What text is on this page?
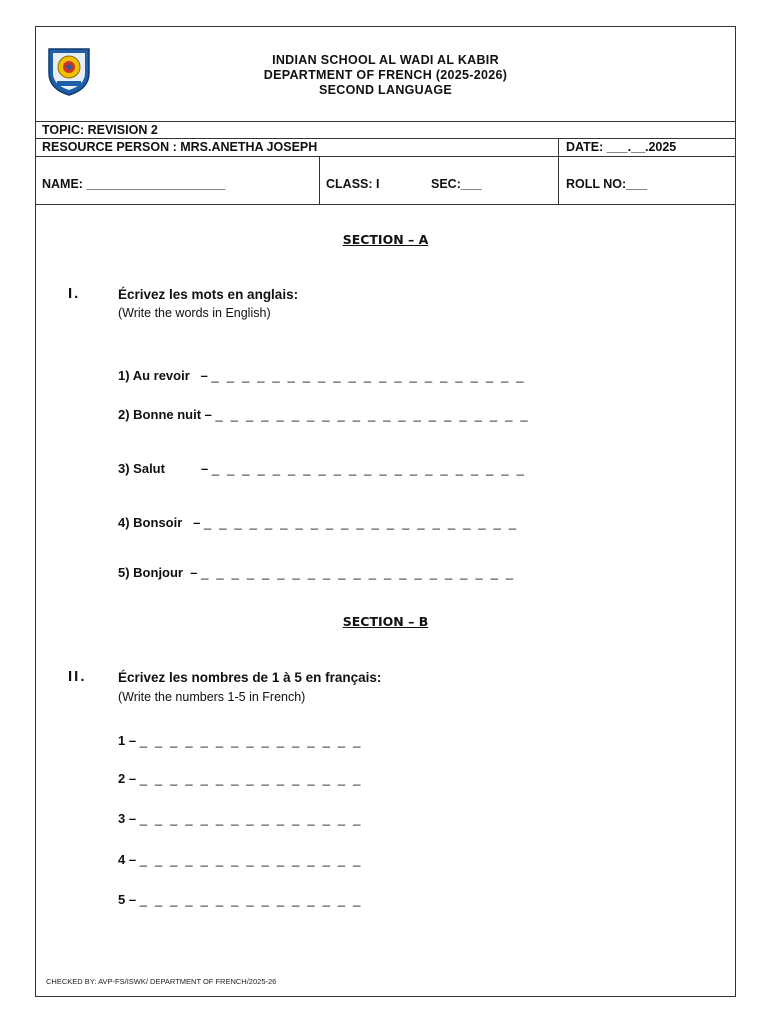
INDIAN SCHOOL AL WADI AL KABIR
DEPARTMENT OF FRENCH (2025-2026)
SECOND LANGUAGE
TOPIC: REVISION 2
RESOURCE PERSON : MRS.ANETHA JOSEPH	DATE: ___.__.2025
NAME: ____________________	CLASS: I	SEC:___	ROLL NO:___
SECTION – A
I.	Écrivez les mots en anglais:
(Write the words in English)
1) Au revoir – _ _ _ _ _ _ _ _ _ _ _ _ _ _ _ _ _ _ _ _ _
2) Bonne nuit – _ _ _ _ _ _ _ _ _ _ _ _ _ _ _ _ _ _ _ _ _
3) Salut	– _ _ _ _ _ _ _ _ _ _ _ _ _ _ _ _ _ _ _ _ _
4) Bonsoir – _ _ _ _ _ _ _ _ _ _ _ _ _ _ _ _ _ _ _ _ _
5) Bonjour – _ _ _ _ _ _ _ _ _ _ _ _ _ _ _ _ _ _ _ _ _
SECTION – B
II. Écrivez les nombres de 1 à 5 en français:
(Write the numbers 1-5 in French)
1 – _ _ _ _ _ _ _ _ _ _ _ _ _ _ _
2 – _ _ _ _ _ _ _ _ _ _ _ _ _ _ _
3 – _ _ _ _ _ _ _ _ _ _ _ _ _ _ _
4 – _ _ _ _ _ _ _ _ _ _ _ _ _ _ _
5 – _ _ _ _ _ _ _ _ _ _ _ _ _ _ _
CHECKED BY: AVP-FS/ISWK/ DEPARTMENT OF FRENCH/2025-26
